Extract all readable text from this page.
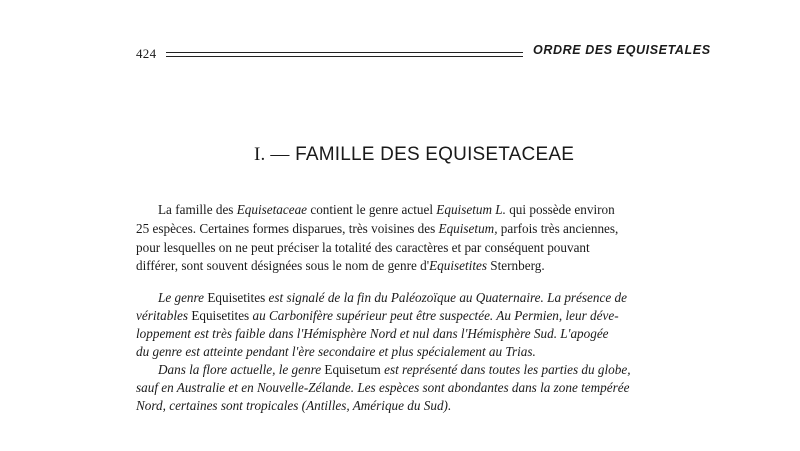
424	ORDRE DES EQUISETALES
I. — FAMILLE DES EQUISETACEAE
La famille des Equisetaceae contient le genre actuel Equisetum L. qui possède environ
25 espèces. Certaines formes disparues, très voisines des Equisetum, parfois très anciennes,
pour lesquelles on ne peut préciser la totalité des caractères et par conséquent pouvant
différer, sont souvent désignées sous le nom de genre d'Equisetites Sternberg.
Le genre Equisetites est signalé de la fin du Paléozoïque au Quaternaire. La présence de
véritables Equisetites au Carbonifère supérieur peut être suspectée. Au Permien, leur déve-
loppement est très faible dans l'Hémisphère Nord et nul dans l'Hémisphère Sud. L'apogée
du genre est atteinte pendant l'ère secondaire et plus spécialement au Trias.
Dans la flore actuelle, le genre Equisetum est représenté dans toutes les parties du globe,
sauf en Australie et en Nouvelle-Zélande. Les espèces sont abondantes dans la zone tempérée
Nord, certaines sont tropicales (Antilles, Amérique du Sud).
